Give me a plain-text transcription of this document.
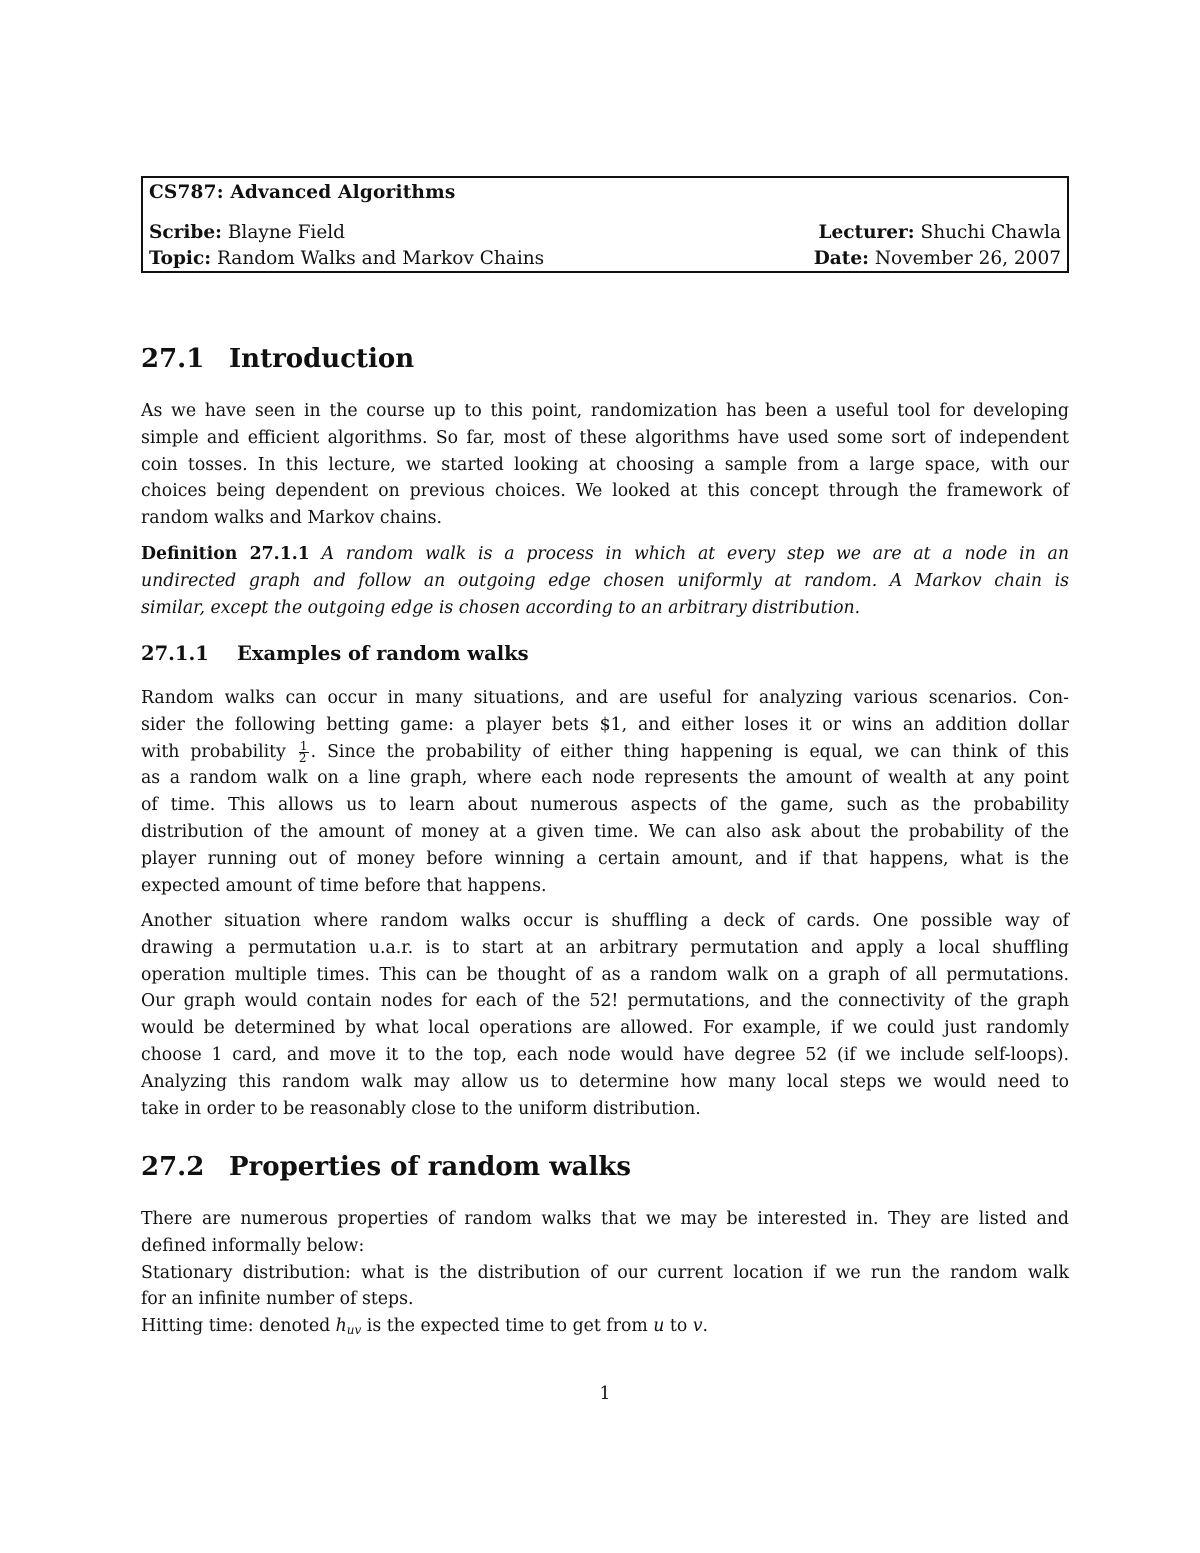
CS787: Advanced Algorithms
Scribe: Blayne Field	Lecturer: Shuchi Chawla
Topic: Random Walks and Markov Chains	Date: November 26, 2007
27.1 Introduction
As we have seen in the course up to this point, randomization has been a useful tool for developing
simple and efficient algorithms. So far, most of these algorithms have used some sort of independent
coin tosses. In this lecture, we started looking at choosing a sample from a large space, with our
choices being dependent on previous choices. We looked at this concept through the framework of
random walks and Markov chains.
Definition 27.1.1 A random walk is a process in which at every step we are at a node in an
undirected graph and follow an outgoing edge chosen uniformly at random. A Markov chain is
similar, except the outgoing edge is chosen according to an arbitrary distribution.
27.1.1 Examples of random walks
Random walks can occur in many situations, and are useful for analyzing various scenarios. Con-
sider the following betting game: a player bets $1, and either loses it or wins an addition dollar
with probability $\frac{1}{2}$ . Since the probability of either thing happening is equal, we can think of this
as a random walk on a line graph, where each node represents the amount of wealth at any point
of time. This allows us to learn about numerous aspects of the game, such as the probability
distribution of the amount of money at a given time. We can also ask about the probability of the
player running out of money before winning a certain amount, and if that happens, what is the
expected amount of time before that happens.
Another situation where random walks occur is shuffling a deck of cards. One possible way of
drawing a permutation u.a.r. is to start at an arbitrary permutation and apply a local shuffling
operation multiple times. This can be thought of as a random walk on a graph of all permutations.
Our graph would contain nodes for each of the 52! permutations, and the connectivity of the graph
would be determined by what local operations are allowed. For example, if we could just randomly
choose 1 card, and move it to the top, each node would have degree 52 (if we include self-loops).
Analyzing this random walk may allow us to determine how many local steps we would need to
take in order to be reasonably close to the uniform distribution.
27.2 Properties of random walks
There are numerous properties of random walks that we may be interested in. They are listed and
defined informally below:
Stationary distribution: what is the distribution of our current location if we run the random walk
for an infinite number of steps.
Hitting time: denoted $h_{uv}$ is the expected time to get from u to v.
1
